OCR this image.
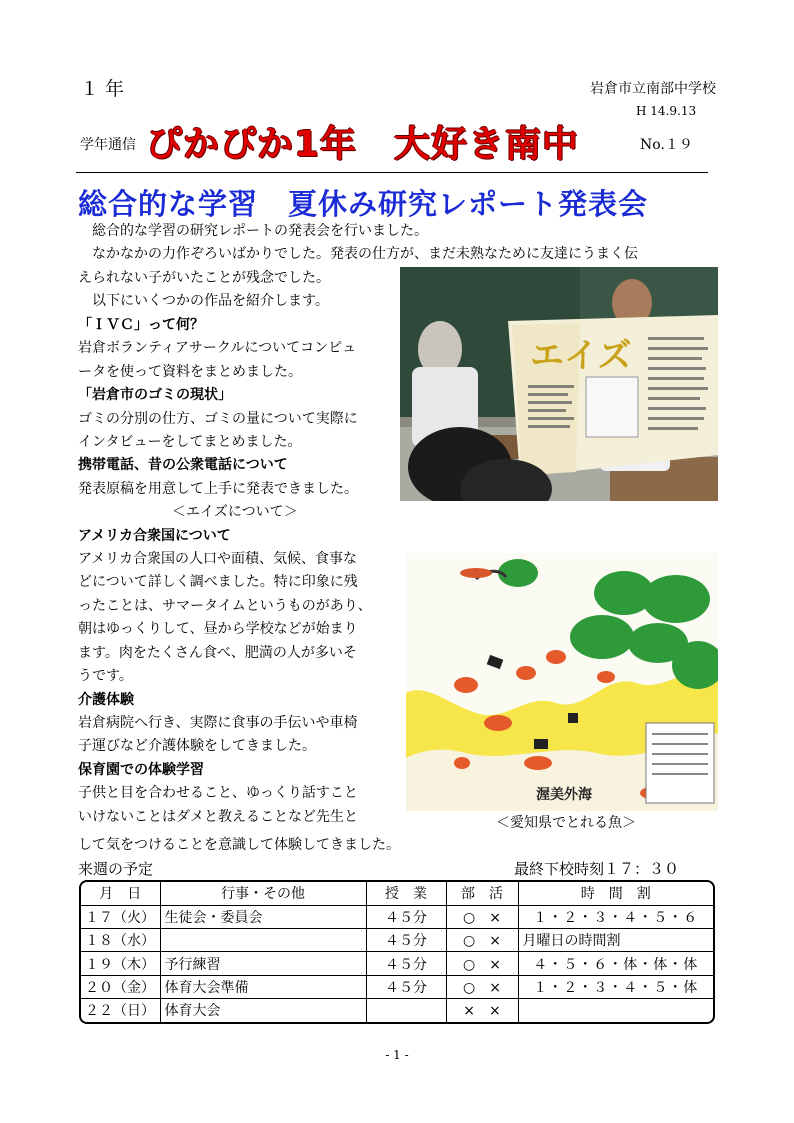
１年	岩倉市立南部中学校
H 14.9.13
学年通信 ぴかぴか1年　大好き南中	No.１９
総合的な学習　夏休み研究レポート発表会

総合的な学習の研究レポートの発表会を行いました。

なかなかの力作ぞろいばかりでした。発表の仕方が、まだ未熟なために友達にうまく伝

えられない子がいたことが残念でした。

以下にいくつかの作品を紹介します。

「ＩＶＣ」って何？
岩倉ボランティアサークルについてコンピュ
ータを使って資料をまとめました。
「岩倉市のゴミの現状」
ゴミの分別の仕方、ゴミの量について実際に
インタビューをしてまとめました。
携帯電話、昔の公衆電話について
発表原稿を用意して上手に発表できました。
＜エイズについて＞
アメリカ合衆国について
アメリカ合衆国の人口や面積、気候、食事な
どについて詳しく調べました。特に印象に残
ったことは、サマータイムというものがあり、
朝はゆっくりして、昼から学校などが始まり
ます。肉をたくさん食べ、肥満の人が多いそ
うです。
介護体験
岩倉病院へ行き、実際に食事の手伝いや車椅
子運びなど介護体験をしてきました。
保育園での体験学習
子供と目を合わせること、ゆっくり話すこと
いけないことはダメと教えることなど先生と
して気をつけることを意識して体験してきました。
エイズ
渥美外海
＜愛知県でとれる魚＞
来週の予定	最終下校時刻１７：３０
月　日	行事・その他	授　業	部　活	時　間　割
１７（火）	生徒会・委員会	４５分	○　×	１・２・３・４・５・６
１８（水）		４５分	○　×	月曜日の時間割
１９（木）	予行練習	４５分	○　×	４・５・６・体・体・体
２０（金）	体育大会準備	４５分	○　×	１・２・３・４・５・体
２２（日）	体育大会		×　×	
- 1 -
